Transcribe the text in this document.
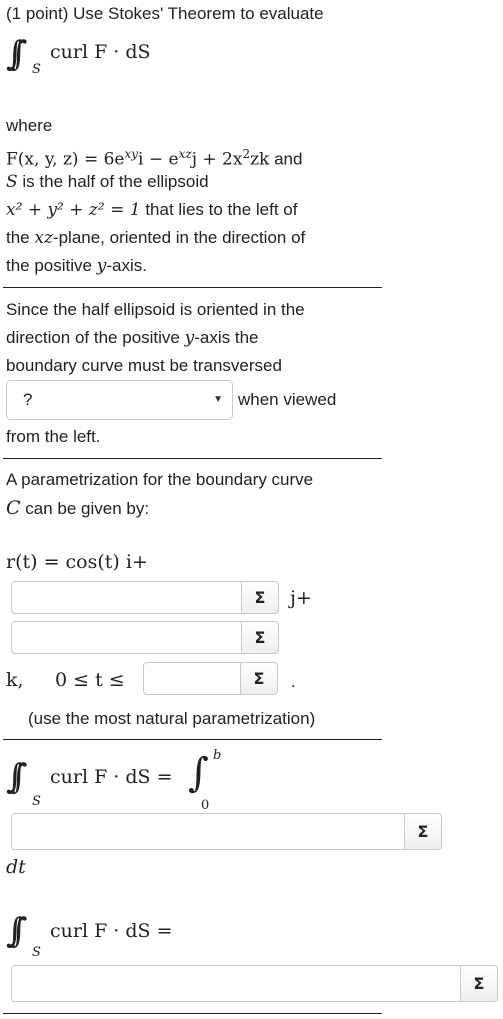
(1 point) Use Stokes' Theorem to evaluate
∫∫ S
curl F · dS
where
F(x, y, $z) = 6e^{xy}i - e^{xz}j + 2x^2zk$ and
S is the half of the ellipsoid
x² + y² + z² = 1 that lies to the left of
the xz-plane, oriented in the direction of
the positive y-axis.
Since the half ellipsoid is oriented in the
direction of the positive y-axis the
boundary curve must be transversed
?	▼ when viewed
from the left.
A parametrization for the boundary curve
C can be given by:
r(t) = cos(t) i+
Σ	j+
Σ
k, 0 ≤ t ≤	Σ	.
(use the most natural parametrization)
∫∫
S
curl F · dS = ∫ b
0
Σ
dt
∫∫
S
curl F · dS =
Σ
